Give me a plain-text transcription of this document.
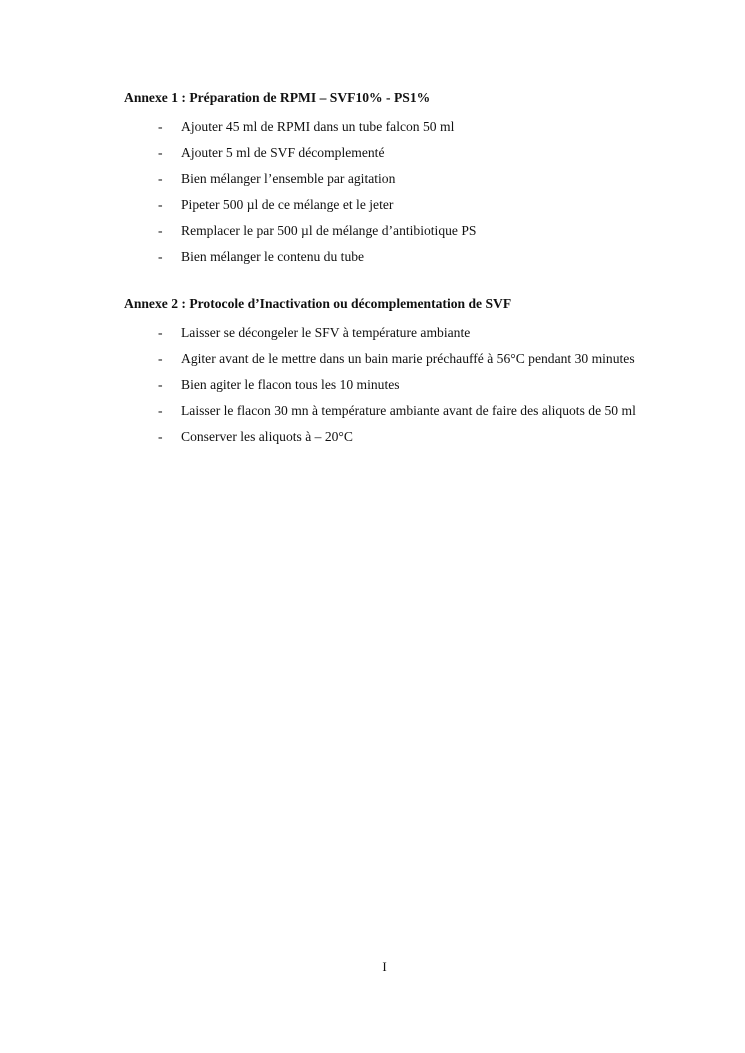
Annexe 1 : Préparation de RPMI – SVF10% - PS1%
- Ajouter 45 ml de RPMI dans un tube falcon 50 ml
- Ajouter 5 ml de SVF décomplementé
- Bien mélanger l’ensemble par agitation
- Pipeter 500 µl de ce mélange et le jeter
- Remplacer le par 500 µl de mélange d’antibiotique PS
- Bien mélanger le contenu du tube
Annexe 2 : Protocole d’Inactivation ou décomplementation de SVF
- Laisser se décongeler le SFV à température ambiante
- Agiter avant de le mettre dans un bain marie préchauffé à 56°C pendant 30 minutes
- Bien agiter le flacon tous les 10 minutes
- Laisser le flacon 30 mn à température ambiante avant de faire des aliquots de 50 ml
- Conserver les aliquots à – 20°C
I
